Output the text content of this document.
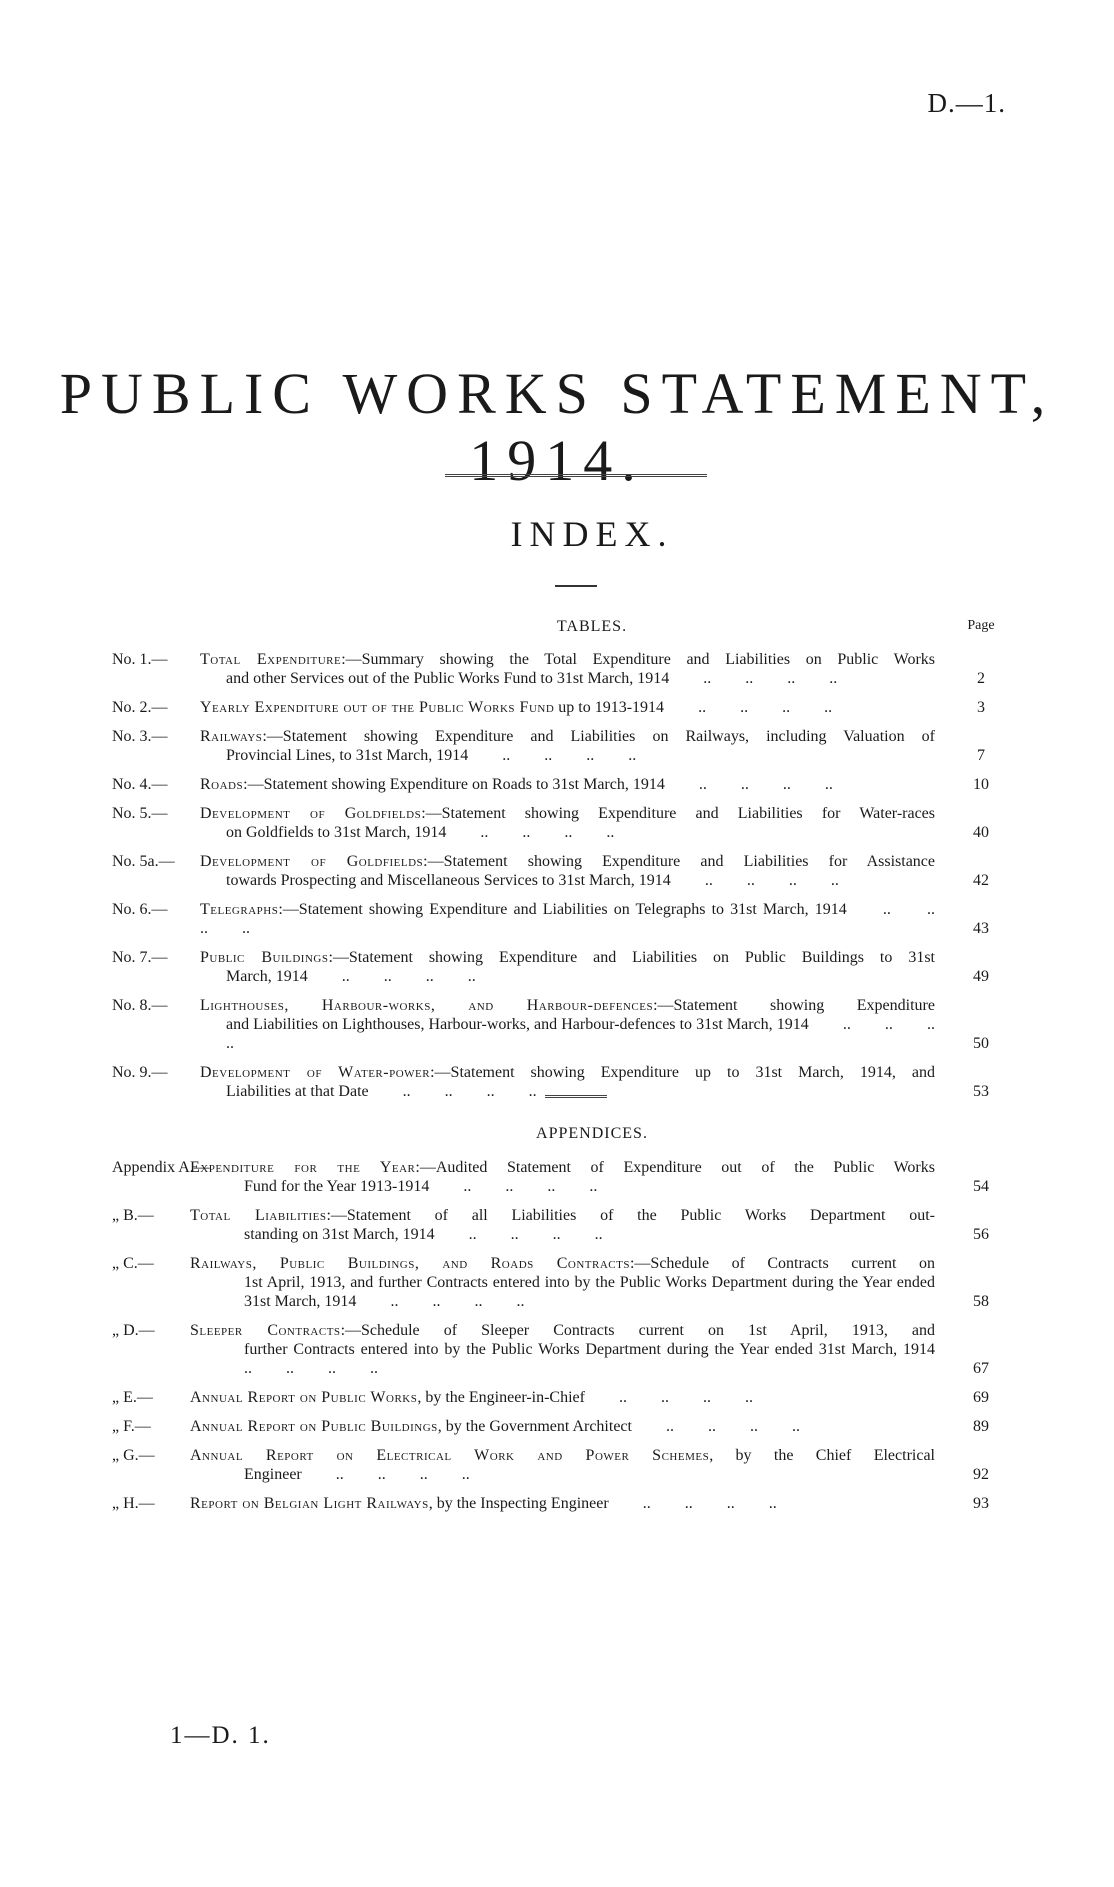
D.—1.
PUBLIC WORKS STATEMENT, 1914.
INDEX.
TABLES.	Page
No. 1.— Total Expenditure:—Summary showing the Total Expenditure and Liabilities on Public Works
and other Services out of the Public Works Fund to 31st March, 1914 .. .. .. ..	2
No. 2.— Yearly Expenditure out of the Public Works Fund up to 1913-1914 .. .. .. ..	3
No. 3.— Railways:—Statement showing Expenditure and Liabilities on Railways, including Valuation of
Provincial Lines, to 31st March, 1914 .. .. .. ..	7
No. 4.— Roads:—Statement showing Expenditure on Roads to 31st March, 1914 .. .. .. ..	10
No. 5.— Development of Goldfields:—Statement showing Expenditure and Liabilities for Water-races
on Goldfields to 31st March, 1914 .. .. .. ..	40
No. 5a.— Development of Goldfields:—Statement showing Expenditure and Liabilities for Assistance
towards Prospecting and Miscellaneous Services to 31st March, 1914 .. .. .. ..	42
No. 6.— Telegraphs:—Statement showing Expenditure and Liabilities on Telegraphs to 31st March, 1914 .. .. .. ..	43
No. 7.— Public Buildings:—Statement showing Expenditure and Liabilities on Public Buildings to 31st
March, 1914 .. .. .. ..	49
No. 8.— Lighthouses, Harbour-works, and Harbour-defences:—Statement showing Expenditure
and Liabilities on Lighthouses, Harbour-works, and Harbour-defences to 31st March, 1914 .. .. .. ..	50
No. 9.— Development of Water-power:—Statement showing Expenditure up to 31st March, 1914, and
Liabilities at that Date .. .. .. ..	53
APPENDICES.
Appendix A.—
Expenditure for the Year:—Audited Statement of Expenditure out of the Public Works
Fund for the Year 1913-1914 .. .. .. ..	54
„ B.— Total Liabilities:—Statement of all Liabilities of the Public Works Department out-
standing on 31st March, 1914 .. .. .. ..	56
„ C.— Railways, Public Buildings, and Roads Contracts:—Schedule of Contracts current on
1st April, 1913, and further Contracts entered into by the Public Works Department during the Year ended 31st March, 1914 .. .. .. ..	58
„ D.— Sleeper Contracts:—Schedule of Sleeper Contracts current on 1st April, 1913, and
further Contracts entered into by the Public Works Department during the Year ended 31st March, 1914 .. .. .. ..	67
„ E.— Annual Report on Public Works, by the Engineer-in-Chief .. .. .. ..	69
„ F.— Annual Report on Public Buildings, by the Government Architect .. .. .. ..	89
„ G.— Annual Report on Electrical Work and Power Schemes, by the Chief Electrical
Engineer .. .. .. ..	92
„ H.— Report on Belgian Light Railways, by the Inspecting Engineer .. .. .. ..	93
1—D. 1.
